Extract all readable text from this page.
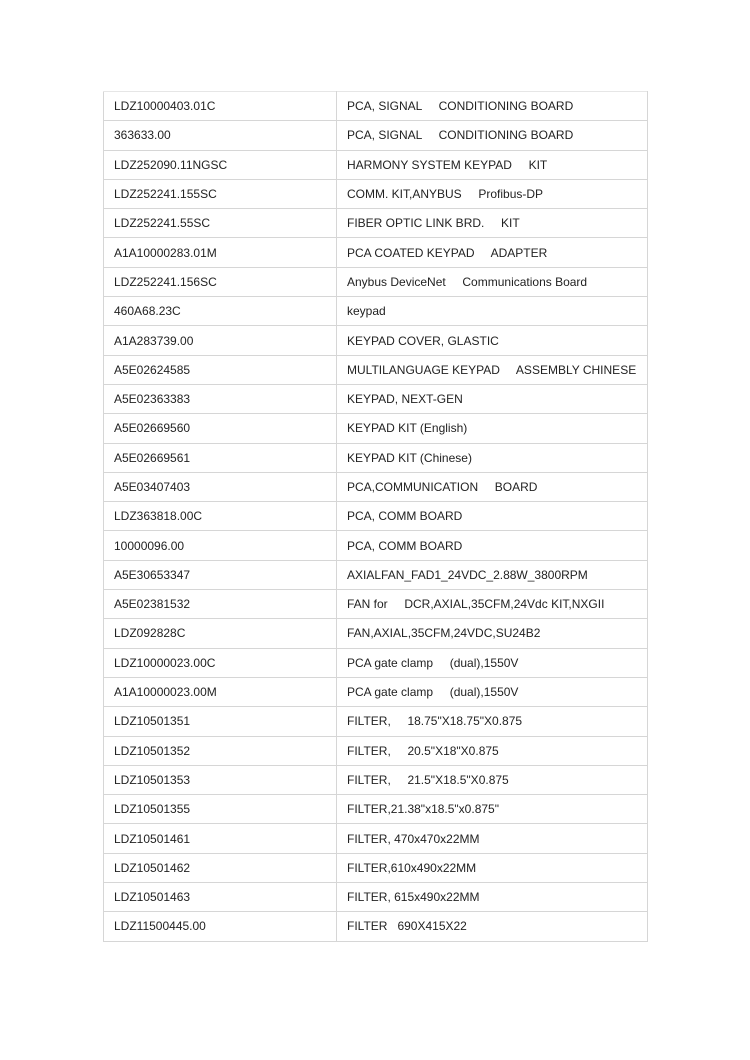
LDZ10000403.01C	PCA, SIGNAL     CONDITIONING BOARD
363633.00	PCA, SIGNAL     CONDITIONING BOARD
LDZ252090.11NGSC	HARMONY SYSTEM KEYPAD     KIT
LDZ252241.155SC	COMM. KIT,ANYBUS     Profibus-DP
LDZ252241.55SC	FIBER OPTIC LINK BRD.     KIT
A1A10000283.01M	PCA COATED KEYPAD     ADAPTER
LDZ252241.156SC	Anybus DeviceNet     Communications Board
460A68.23C	keypad
A1A283739.00	KEYPAD COVER, GLASTIC
A5E02624585	MULTILANGUAGE KEYPAD     ASSEMBLY CHINESE
A5E02363383	KEYPAD, NEXT-GEN
A5E02669560	KEYPAD KIT (English)
A5E02669561	KEYPAD KIT (Chinese)
A5E03407403	PCA,COMMUNICATION     BOARD
LDZ363818.00C	PCA, COMM BOARD
10000096.00	PCA, COMM BOARD
A5E30653347	AXIALFAN_FAD1_24VDC_2.88W_3800RPM
A5E02381532	FAN for     DCR,AXIAL,35CFM,24Vdc KIT,NXGII
LDZ092828C	FAN,AXIAL,35CFM,24VDC,SU24B2
LDZ10000023.00C	PCA gate clamp     (dual),1550V
A1A10000023.00M	PCA gate clamp     (dual),1550V
LDZ10501351	FILTER,     18.75"X18.75"X0.875
LDZ10501352	FILTER,     20.5"X18"X0.875
LDZ10501353	FILTER,     21.5"X18.5"X0.875
LDZ10501355	FILTER,21.38"x18.5"x0.875"
LDZ10501461	FILTER, 470x470x22MM
LDZ10501462	FILTER,610x490x22MM
LDZ10501463	FILTER, 615x490x22MM
LDZ11500445.00	FILTER   690X415X22
